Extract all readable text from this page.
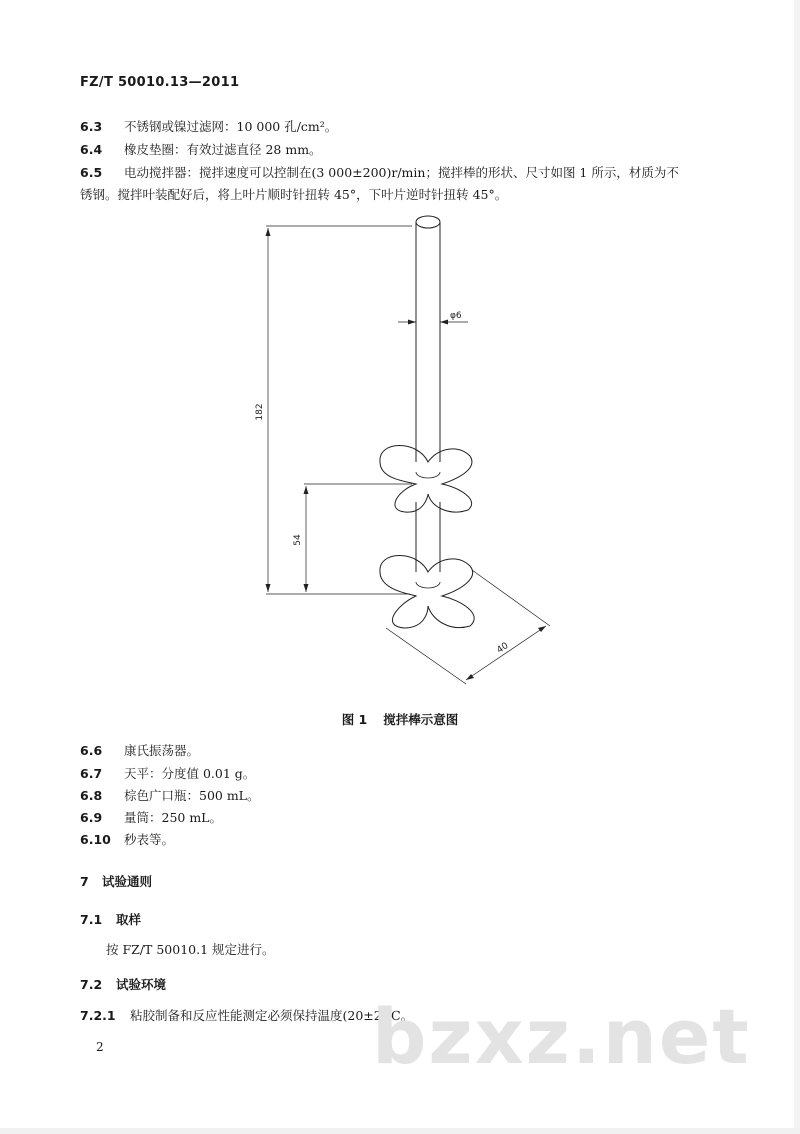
FZ/T 50010.13—2011
6.3 不锈钢或镍过滤网：10 000 孔/cm²。
6.4 橡皮垫圈：有效过滤直径 28 mm。
6.5 电动搅拌器：搅拌速度可以控制在(3 000±200)r/min；搅拌棒的形状、尺寸如图 1 所示，材质为不
锈钢。搅拌叶装配好后，将上叶片顺时针扭转 45°，下叶片逆时针扭转 45°。
φ6
182
54
40
图 1 搅拌棒示意图
6.6 康氏振荡器。
6.7 天平：分度值 0.01 g。
6.8 棕色广口瓶：500 mL。
6.9 量筒：250 mL。
6.10 秒表等。
7 试验通则
7.1 取样
按 FZ/T 50010.1 规定进行。
7.2 试验环境
7.2.1 粘胶制备和反应性能测定必须保持温度(20±2)℃。
bzxz.net
2
